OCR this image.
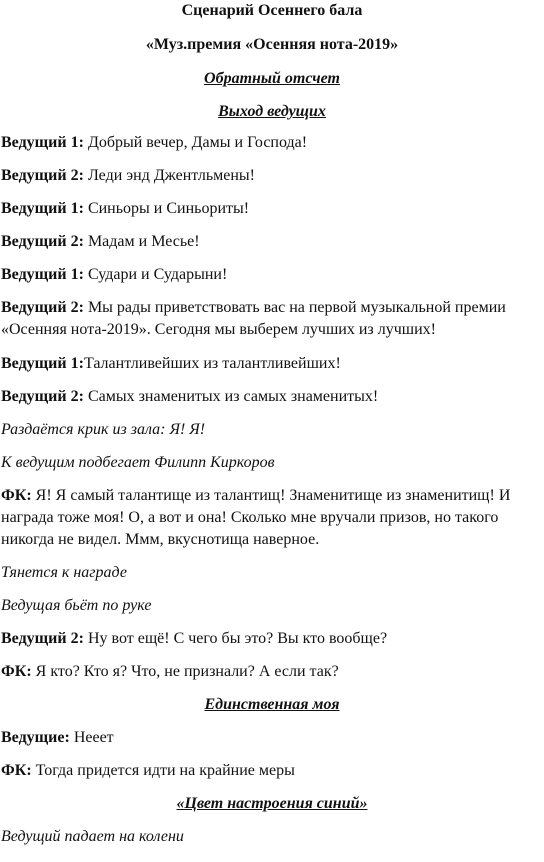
Сценарий Осеннего бала
«Муз.премия «Осенняя нота-2019»
Обратный отсчет
Выход ведущих
Ведущий 1: Добрый вечер, Дамы и Господа!
Ведущий 2: Леди энд Джентльмены!
Ведущий 1: Синьоры и Синьориты!
Ведущий 2: Мадам и Месье!
Ведущий 1: Судари и Сударыни!
Ведущий 2: Мы рады приветствовать вас на первой музыкальной премии
«Осенняя нота-2019». Сегодня мы выберем лучших из лучших!
Ведущий 1:Талантливейших из талантливейших!
Ведущий 2: Самых знаменитых из самых знаменитых!
Раздаётся крик из зала: Я! Я!
К ведущим подбегает Филипп Киркоров
ФК: Я! Я самый талантище из талантищ! Знаменитище из знаменитищ! И
награда тоже моя! О, а вот и она! Сколько мне вручали призов, но такого
никогда не видел. Ммм, вкуснотища наверное.
Тянется к награде
Ведущая бьёт по руке
Ведущий 2: Ну вот ещё! С чего бы это? Вы кто вообще?
ФК: Я кто? Кто я? Что, не признали? А если так?
Единственная моя
Ведущие: Нееет
ФК: Тогда придется идти на крайние меры
«Цвет настроения синий»
Ведущий падает на колени
